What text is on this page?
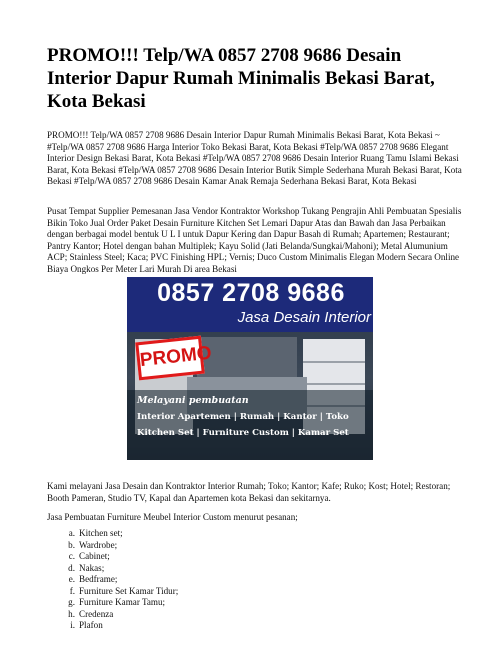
PROMO!!! Telp/WA 0857 2708 9686 Desain Interior Dapur Rumah Minimalis Bekasi Barat, Kota Bekasi

PROMO!!! Telp/WA 0857 2708 9686 Desain Interior Dapur Rumah Minimalis Bekasi Barat, Kota Bekasi ~ #Telp/WA 0857 2708 9686 Harga Interior Toko Bekasi Barat, Kota Bekasi #Telp/WA 0857 2708 9686 Elegant Interior Design Bekasi Barat, Kota Bekasi #Telp/WA 0857 2708 9686 Desain Interior Ruang Tamu Islami Bekasi Barat, Kota Bekasi #Telp/WA 0857 2708 9686 Desain Interior Butik Simple Sederhana Murah Bekasi Barat, Kota Bekasi #Telp/WA 0857 2708 9686 Desain Kamar Anak Remaja Sederhana Bekasi Barat, Kota Bekasi

Pusat Tempat Supplier Pemesanan Jasa Vendor Kontraktor Workshop Tukang Pengrajin Ahli Pembuatan Spesialis Bikin Toko Jual Order Paket Desain Furniture Kitchen Set Lemari Dapur Atas dan Bawah dan Jasa Perbaikan dengan berbagai model bentuk U L I untuk Dapur Kering dan Dapur Basah di Rumah; Apartemen; Restaurant; Pantry Kantor; Hotel dengan bahan Multiplek; Kayu Solid (Jati Belanda/Sungkai/Mahoni); Metal Alumunium ACP; Stainless Steel; Kaca; PVC Finishing HPL; Vernis; Duco Custom Minimalis Elegan Modern Secara Online Biaya Ongkos Per Meter Lari Murah Di area Bekasi

0857 2708 9686
Jasa Desain Interior
PROMO
Melayani pembuatan
Interior Apartemen | Rumah | Kantor | Toko
Kitchen Set | Furniture Custom | Kamar Set

Kami melayani Jasa Desain dan Kontraktor Interior Rumah; Toko; Kantor; Kafe; Ruko; Kost; Hotel; Restoran; Booth Pameran, Studio TV, Kapal dan Apartemen kota Bekasi dan sekitarnya.

Jasa Pembuatan Furniture Meubel Interior Custom menurut pesanan;

a. Kitchen set;
b. Wardrobe;
c. Cabinet;
d. Nakas;
e. Bedframe;
f. Furniture Set Kamar Tidur;
g. Furniture Kamar Tamu;
h. Credenza
i. Plafon
